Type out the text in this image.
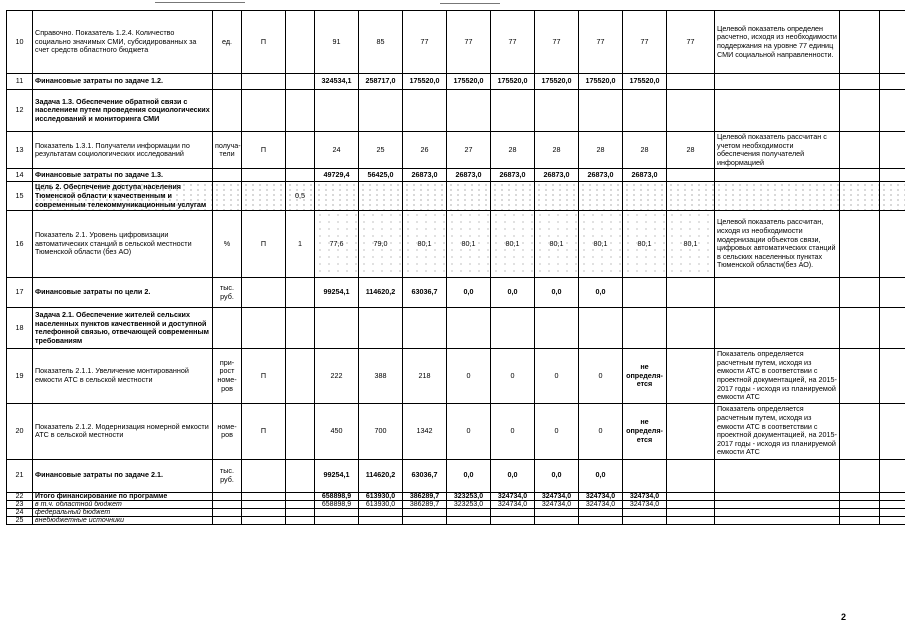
10	Справочно. Показатель 1.2.4. Количество социально значимых СМИ, субсидированных за счет средств областного бюджета	ед.	П		91	85	77	77	77	77	77	77	77	Целевой показатель определен расчетно, исходя из необходимости поддержания на уровне 77 единиц СМИ социальной направленности.		
11	Финансовые затраты по задаче 1.2.				324534,1	258717,0	175520,0	175520,0	175520,0	175520,0	175520,0	175520,0				
12	Задача 1.3. Обеспечение обратной связи с населением путем проведения социологических исследований и мониторинга СМИ															
13	Показатель 1.3.1. Получатели информации по результатам социологических исследований	получа-тели	П		24	25	26	27	28	28	28	28	28	Целевой показатель рассчитан с учетом необходимости обеспечения получателей информацией		
14	Финансовые затраты по задаче 1.3.				49729,4	56425,0	26873,0	26873,0	26873,0	26873,0	26873,0	26873,0				
15	Цель 2. Обеспечение доступа населения Тюменской области к качественным и современным телекоммуникационным услугам			0,5												
16	Показатель 2.1. Уровень цифровизации автоматических станций в сельской местности Тюменской области (без АО)	%	П	1	77,6	79,0	80,1	80,1	80,1	80,1	80,1	80,1	80,1	Целевой показатель рассчитан, исходя из необходимости модернизации объектов связи, цифровых автоматических станций в сельских населенных пунктах Тюменской области(без АО).		
17	Финансовые затраты по цели 2.	тыс. руб.			99254,1	114620,2	63036,7	0,0	0,0	0,0	0,0					
18	Задача 2.1. Обеспечение жителей сельских населенных пунктов качественной и доступной телефонной связью, отвечающей современным требованиям															
19	Показатель 2.1.1. Увеличение монтированной емкости АТС в сельской местности	при-рост номе-ров	П		222	388	218	0	0	0	0	не определя-ется		Показатель определяется расчетным путем, исходя из емкости АТС в соответствии с проектной документацией, на 2015-2017 годы - исходя из планируемой емкости АТС		
20	Показатель 2.1.2. Модернизация номерной емкости АТС в сельской местности	номе-ров	П		450	700	1342	0	0	0	0	не определя-ется		Показатель определяется расчетным путем, исходя из емкости АТС в соответствии с проектной документацией, на 2015-2017 годы - исходя из планируемой емкости АТС		
21	Финансовые затраты по задаче 2.1.	тыс. руб.			99254,1	114620,2	63036,7	0,0	0,0	0,0	0,0					
22	Итого финансирование по программе				658898,9	613930,0	386289,7	323253,0	324734,0	324734,0	324734,0	324734,0				
23	в т.ч. областной бюджет				658898,9	613930,0	386289,7	323253,0	324734,0	324734,0	324734,0	324734,0				
24	федеральный бюджет															
25	внебюджетные источники															
2
